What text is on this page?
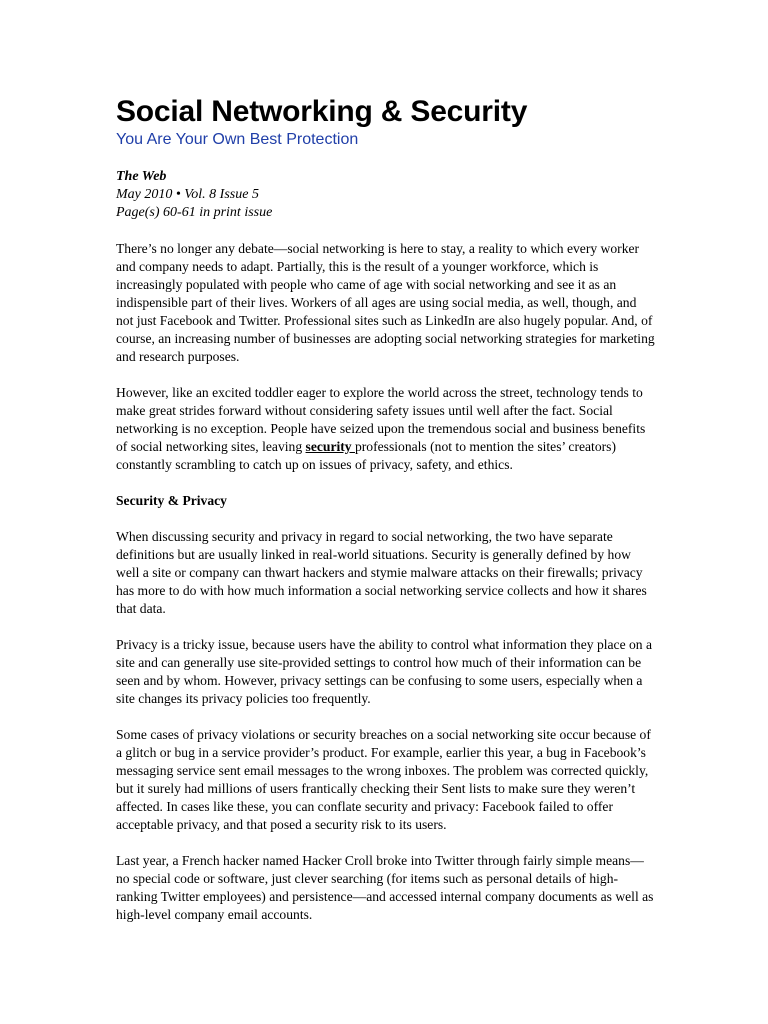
Social Networking & Security

You Are Your Own Best Protection

The Web

May 2010 • Vol. 8 Issue 5

Page(s) 60-61 in print issue

There’s no longer any debate—social networking is here to stay, a reality to which every worker and company needs to adapt. Partially, this is the result of a younger workforce, which is increasingly populated with people who came of age with social networking and see it as an indispensible part of their lives. Workers of all ages are using social media, as well, though, and not just Facebook and Twitter. Professional sites such as LinkedIn are also hugely popular. And, of course, an increasing number of businesses are adopting social networking strategies for marketing and research purposes.

However, like an excited toddler eager to explore the world across the street, technology tends to make great strides forward without considering safety issues until well after the fact. Social networking is no exception. People have seized upon the tremendous social and business benefits of social networking sites, leaving security professionals (not to mention the sites’ creators) constantly scrambling to catch up on issues of privacy, safety, and ethics.

Security & Privacy

When discussing security and privacy in regard to social networking, the two have separate definitions but are usually linked in real-world situations. Security is generally defined by how well a site or company can thwart hackers and stymie malware attacks on their firewalls; privacy has more to do with how much information a social networking service collects and how it shares that data.

Privacy is a tricky issue, because users have the ability to control what information they place on a site and can generally use site-provided settings to control how much of their information can be seen and by whom. However, privacy settings can be confusing to some users, especially when a site changes its privacy policies too frequently.

Some cases of privacy violations or security breaches on a social networking site occur because of a glitch or bug in a service provider’s product. For example, earlier this year, a bug in Facebook’s messaging service sent email messages to the wrong inboxes. The problem was corrected quickly, but it surely had millions of users frantically checking their Sent lists to make sure they weren’t affected. In cases like these, you can conflate security and privacy: Facebook failed to offer acceptable privacy, and that posed a security risk to its users.

Last year, a French hacker named Hacker Croll broke into Twitter through fairly simple means—no special code or software, just clever searching (for items such as personal details of high-ranking Twitter employees) and persistence—and accessed internal company documents as well as high-level company email accounts.
